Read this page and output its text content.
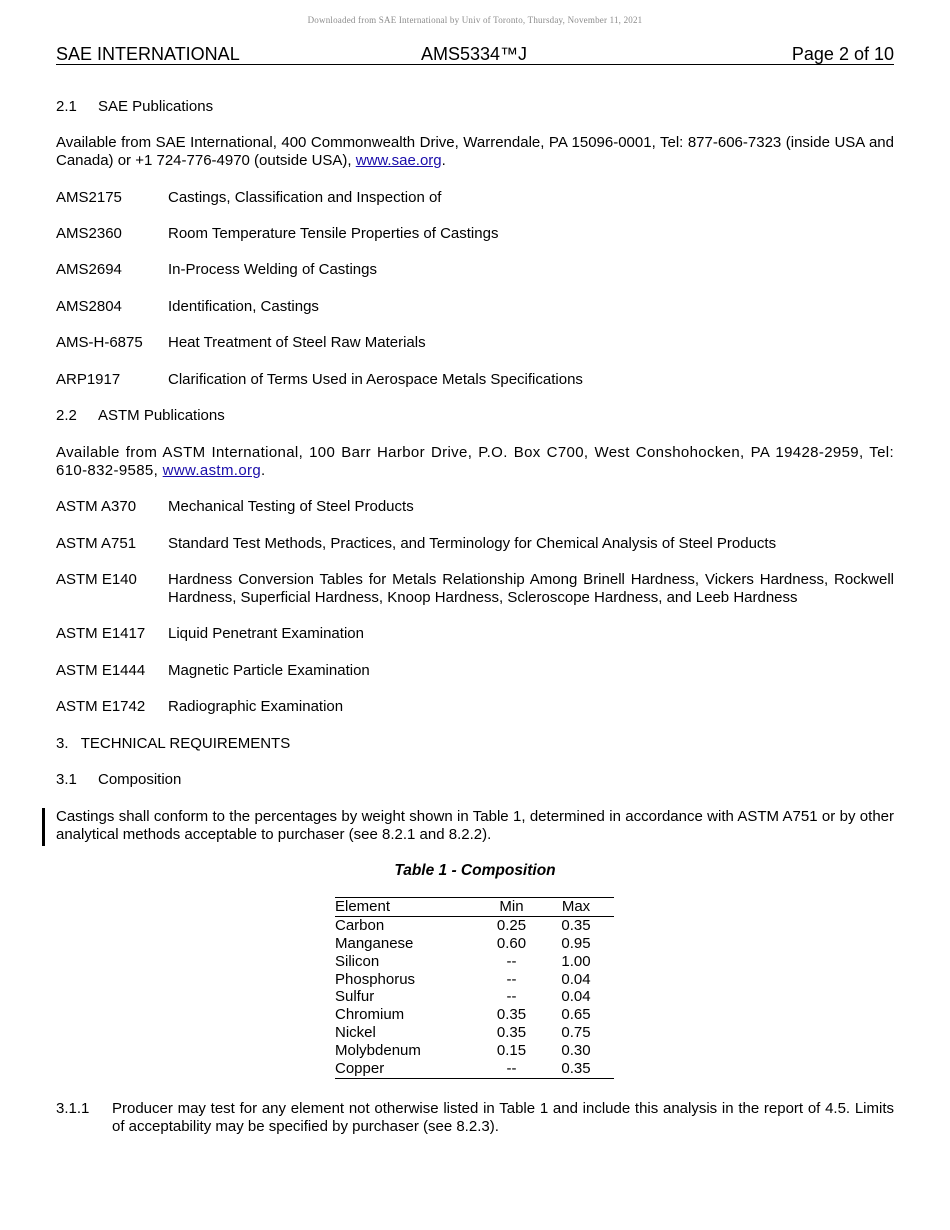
Downloaded from SAE International by Univ of Toronto, Thursday, November 11, 2021
SAE INTERNATIONAL	AMS5334™J	Page 2 of 10
2.1 SAE Publications
Available from SAE International, 400 Commonwealth Drive, Warrendale, PA 15096-0001, Tel: 877-606-7323 (inside USA and Canada) or +1 724-776-4970 (outside USA), www.sae.org.
AMS2175	Castings, Classification and Inspection of
AMS2360	Room Temperature Tensile Properties of Castings
AMS2694	In-Process Welding of Castings
AMS2804	Identification, Castings
AMS-H-6875 Heat Treatment of Steel Raw Materials
ARP1917	Clarification of Terms Used in Aerospace Metals Specifications
2.2 ASTM Publications
Available from ASTM International, 100 Barr Harbor Drive, P.O. Box C700, West Conshohocken, PA 19428-2959, Tel: 610-832-9585, www.astm.org.
ASTM A370 Mechanical Testing of Steel Products
ASTM A751 Standard Test Methods, Practices, and Terminology for Chemical Analysis of Steel Products
ASTM E140 Hardness Conversion Tables for Metals Relationship Among Brinell Hardness, Vickers Hardness, Rockwell Hardness, Superficial Hardness, Knoop Hardness, Scleroscope Hardness, and Leeb Hardness
ASTM E1417 Liquid Penetrant Examination
ASTM E1444 Magnetic Particle Examination
ASTM E1742 Radiographic Examination
3.   TECHNICAL REQUIREMENTS
3.1 Composition
Castings shall conform to the percentages by weight shown in Table 1, determined in accordance with ASTM A751 or by other analytical methods acceptable to purchaser (see 8.2.1 and 8.2.2).
Table 1 - Composition
Element	Min	Max
Carbon	0.25	0.35
Manganese	0.60	0.95
Silicon	--	1.00
Phosphorus	--	0.04
Sulfur	--	0.04
Chromium	0.35	0.65
Nickel	0.35	0.75
Molybdenum	0.15	0.30
Copper	--	0.35
3.1.1 Producer may test for any element not otherwise listed in Table 1 and include this analysis in the report of 4.5. Limits of acceptability may be specified by purchaser (see 8.2.3).
